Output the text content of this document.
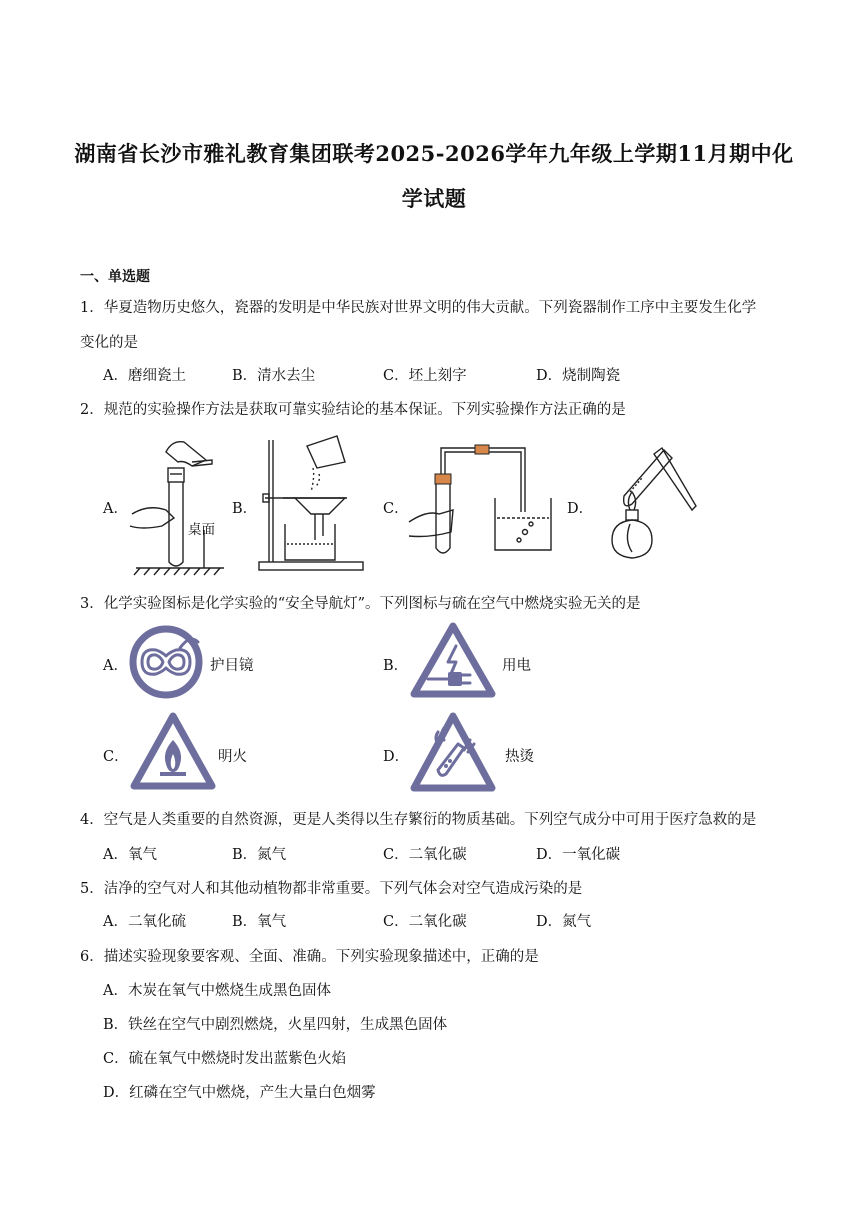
湖南省长沙市雅礼教育集团联考2025-2026学年九年级上学期11月期中化
学试题
一、单选题
1．华夏造物历史悠久，瓷器的发明是中华民族对世界文明的伟大贡献。下列瓷器制作工序中主要发生化学
变化的是
A．磨细瓷土	B．清水去尘	C．坯上刻字	D．烧制陶瓷
2．规范的实验操作方法是获取可靠实验结论的基本保证。下列实验操作方法正确的是
A．	B．	C．	D．
桌面
3．化学实验图标是化学实验的“安全导航灯”。下列图标与硫在空气中燃烧实验无关的是
A．	B．
C．	D．
护目镜	用电
明火	热烫
4．空气是人类重要的自然资源，更是人类得以生存繁衍的物质基础。下列空气成分中可用于医疗急救的是
A．氧气	B．氮气	C．二氧化碳	D．一氧化碳
5．洁净的空气对人和其他动植物都非常重要。下列气体会对空气造成污染的是
A．二氧化硫	B．氧气	C．二氧化碳	D．氮气
6．描述实验现象要客观、全面、准确。下列实验现象描述中，正确的是
A．木炭在氧气中燃烧生成黑色固体
B．铁丝在空气中剧烈燃烧，火星四射，生成黑色固体
C．硫在氧气中燃烧时发出蓝紫色火焰
D．红磷在空气中燃烧，产生大量白色烟雾
